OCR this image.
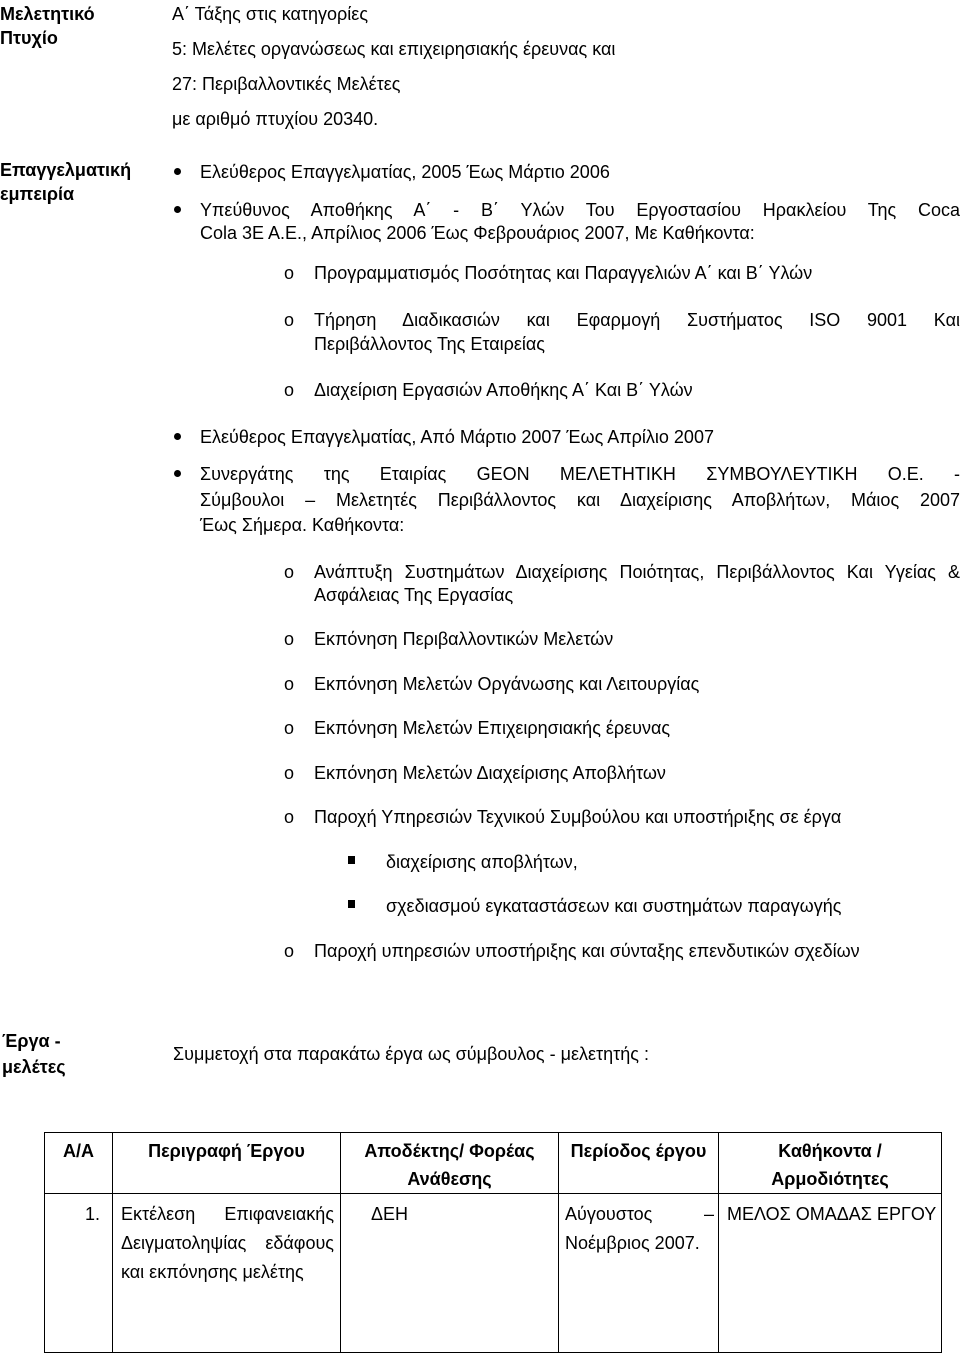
Μελετητικό Πτυχίο
Α΄ Τάξης στις κατηγορίες
5: Μελέτες οργανώσεως και επιχειρησιακής έρευνας και
27: Περιβαλλοντικές Μελέτες
με αριθμό πτυχίου 20340.
Επαγγελματική εμπειρία
Ελεύθερος Επαγγελματίας, 2005 Έως Μάρτιο 2006
Υπεύθυνος Αποθήκης Α΄ - Β΄ Υλών Του Εργοστασίου Ηρακλείου Της Coca
Cola 3Ε Α.Ε., Απρίλιος 2006 Έως Φεβρουάριος 2007, Με Καθήκοντα:
o Προγραμματισμός Ποσότητας και Παραγγελιών Α΄ και Β΄ Υλών
o Τήρηση Διαδικασιών και Εφαρμογή Συστήματος ISO 9001 Και
Περιβάλλοντος Της Εταιρείας
o Διαχείριση Εργασιών Αποθήκης Α΄ Και Β΄ Υλών
Ελεύθερος Επαγγελματίας, Από Μάρτιο 2007 Έως Απρίλιο 2007
Συνεργάτης της Εταιρίας GEON ΜΕΛΕΤΗΤΙΚΗ ΣΥΜΒΟΥΛΕΥΤΙΚΗ Ο.Ε. -
Σύμβουλοι – Μελετητές Περιβάλλοντος και Διαχείρισης Αποβλήτων, Μάιος 2007
Έως Σήμερα. Καθήκοντα:
o Ανάπτυξη Συστημάτων Διαχείρισης Ποιότητας, Περιβάλλοντος Και Υγείας &
Ασφάλειας Της Εργασίας
o Εκπόνηση Περιβαλλοντικών Μελετών
o Εκπόνηση Μελετών Οργάνωσης και Λειτουργίας
o Εκπόνηση Μελετών Επιχειρησιακής έρευνας
o Εκπόνηση Μελετών Διαχείρισης Αποβλήτων
o Παροχή Υπηρεσιών Τεχνικού Συμβούλου και υποστήριξης σε έργα
διαχείρισης αποβλήτων,
σχεδιασμού εγκαταστάσεων και συστημάτων παραγωγής
o Παροχή υπηρεσιών υποστήριξης και σύνταξης επενδυτικών σχεδίων
Έργα -
μελέτες
Συμμετοχή στα παρακάτω έργα ως σύμβουλος - μελετητής :
Α/Α	Περιγραφή Έργου	Αποδέκτης/ Φορέας Ανάθεσης	Περίοδος έργου	Καθήκοντα / Αρμοδιότητες
1.	Εκτέλεση Επιφανειακής Δειγματοληψίας εδάφους και εκπόνησης μελέτης	ΔΕΗ	Αύγουστος – Νοέμβριος 2007.	ΜΕΛΟΣ ΟΜΑΔΑΣ ΕΡΓΟΥ
